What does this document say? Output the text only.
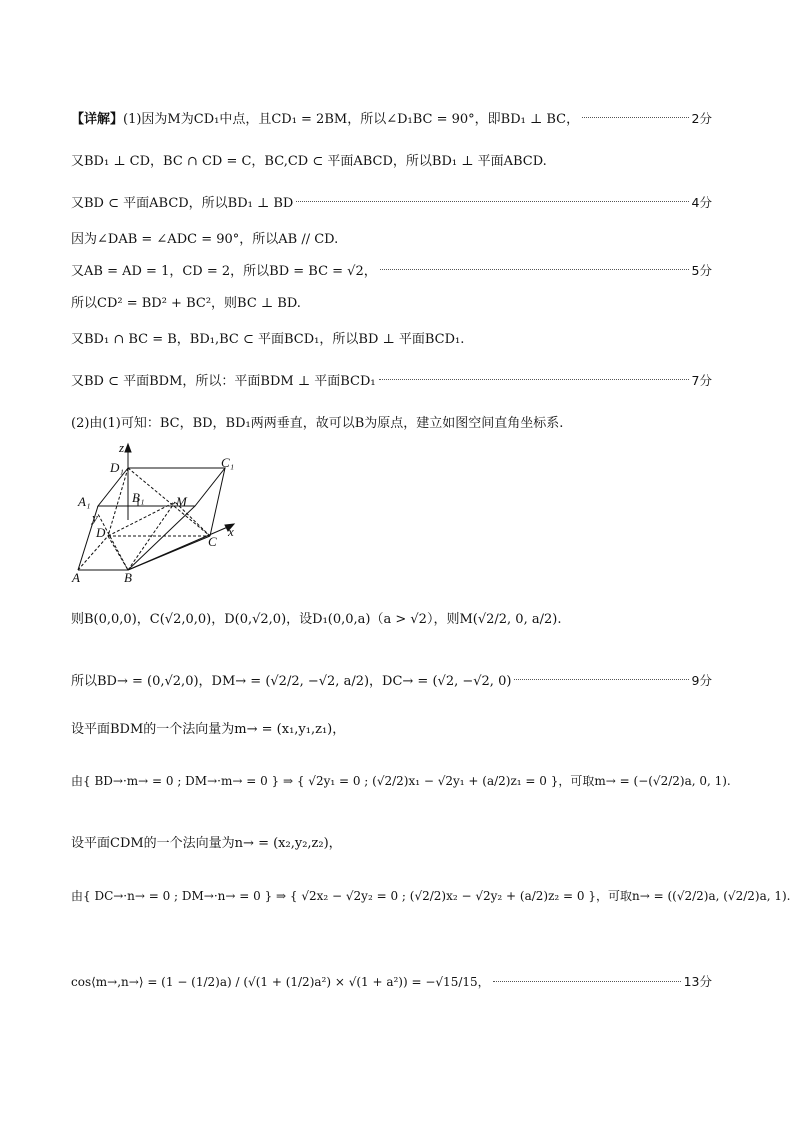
【详解】 (1)因为M为CD₁中点，且CD₁ = 2BM，所以∠D₁BC = 90°，即BD₁ ⊥ BC，	2分
又BD₁ ⊥ CD，BC ∩ CD = C，BC,CD ⊂ 平面ABCD，所以BD₁ ⊥ 平面ABCD.
又BD ⊂ 平面ABCD，所以BD₁ ⊥ BD	4分
因为∠DAB = ∠ADC = 90°，所以AB // CD.
又AB = AD = 1，CD = 2，所以BD = BC = √2，	5分
所以CD² = BD² + BC²，则BC ⊥ BD.
又BD₁ ∩ BC = B，BD₁,BC ⊂ 平面BCD₁，所以BD ⊥ 平面BCD₁.
又BD ⊂ 平面BDM，所以：平面BDM ⊥ 平面BCD₁	7分
(2)由(1)可知：BC，BD，BD₁两两垂直，故可以B为原点，建立如图空间直角坐标系.
z
D₁	C₁
A₁	B₁ M
y
D
C
x
A	B
则B(0,0,0)，C(√2,0,0)，D(0,√2,0)，设D₁(0,0,a)（a > √2），则M(√2/2, 0, a/2).
所以BD→ = (0,√2,0)，DM→ = (√2/2, −√2, a/2)，DC→ = (√2, −√2, 0)	9分
设平面BDM的一个法向量为m→ = (x₁,y₁,z₁)，
由{ BD→·m→ = 0 ; DM→·m→ = 0 } ⇒ { √2y₁ = 0 ; (√2/2)x₁ − √2y₁ + (a/2)z₁ = 0 }，可取m→ = (−(√2/2)a, 0, 1).
设平面CDM的一个法向量为n→ = (x₂,y₂,z₂)，
由{ DC→·n→ = 0 ; DM→·n→ = 0 } ⇒ { √2x₂ − √2y₂ = 0 ; (√2/2)x₂ − √2y₂ + (a/2)z₂ = 0 }，可取n→ = ((√2/2)a, (√2/2)a, 1).
cos⟨m→,n→⟩ = (1 − (1/2)a) / (√(1 + (1/2)a²) × √(1 + a²)) = −√15/15，	13分
